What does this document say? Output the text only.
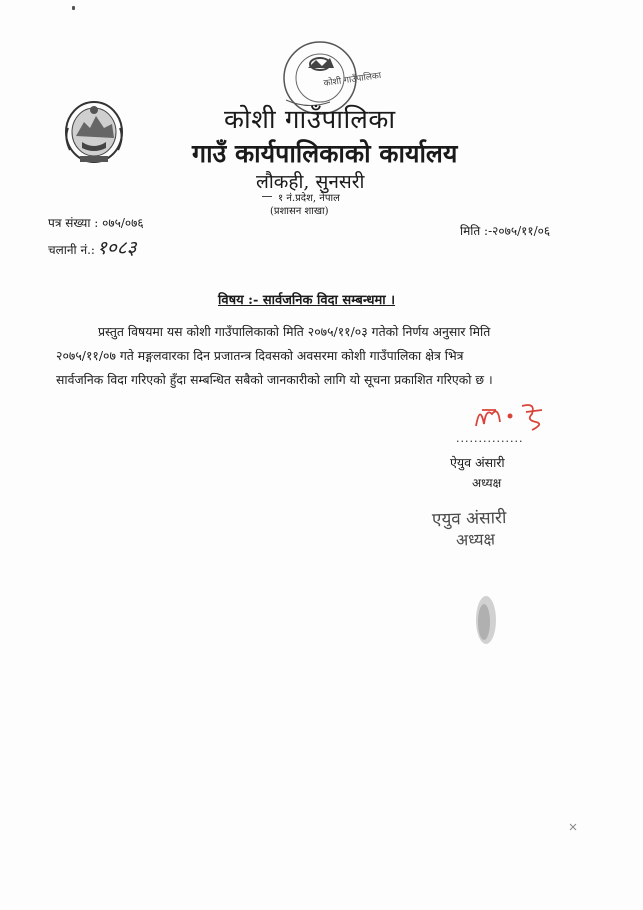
कोशी गाउँपालिका
कोशी गाउँपालिका
गाउँ कार्यपालिकाको कार्यालय
लौकही, सुनसरी
१ नं.प्रदेश, नेपाल
(प्रशासन शाखा)
पत्र संख्या : ०७५/०७६
चलानी नं.: १०८३
मिति :-२०७५/११/०६
विषय :- सार्वजनिक विदा सम्बन्धमा ।
प्रस्तुत विषयमा यस कोशी गाउँपालिकाको मिति २०७५/११/०३ गतेको निर्णय अनुसार मिति
२०७५/११/०७ गते मङ्गलवारका दिन प्रजातन्त्र दिवसको अवसरमा कोशी गाउँपालिका क्षेत्र भित्र
सार्वजनिक विदा गरिएको हुँदा सम्बन्धित सबैको जानकारीको लागि यो सूचना प्रकाशित गरिएको छ ।
...............
ऐयुव अंसारी
अध्यक्ष
एयुव अंसारी
अध्यक्ष
